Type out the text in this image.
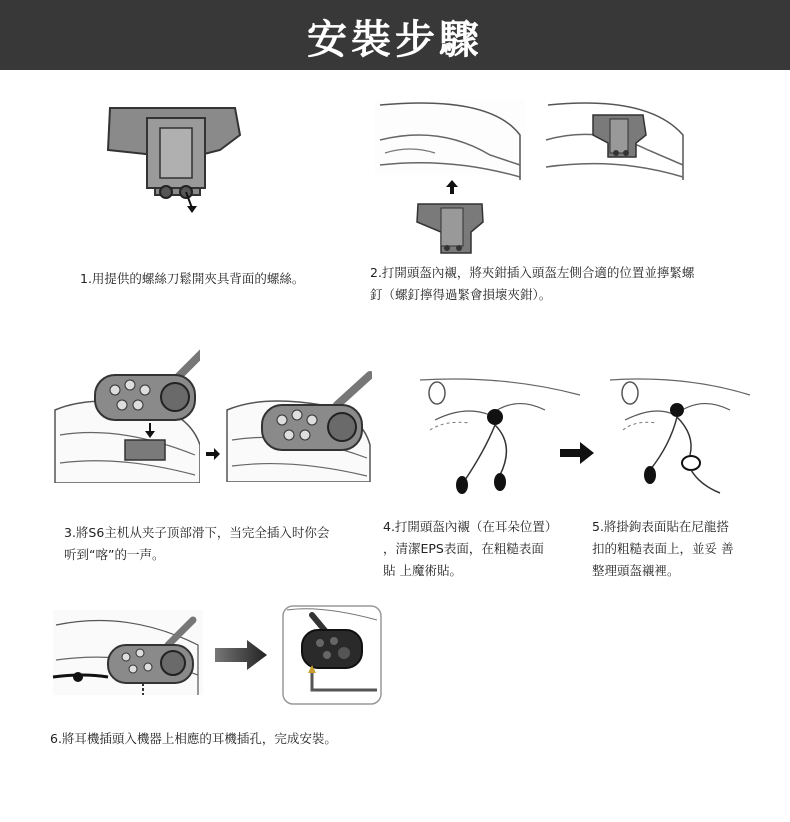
安裝步驟
1.用提供的螺絲刀鬆開夾具背面的螺絲。	2.打開頭盔內襯，將夾鉗插入頭盔左側合適的位置並擰緊螺
釘（螺釘擰得過緊會損壞夾鉗）。
3.將S6主机从夹子顶部滑下，当完全插入时你会
听到“喀”的一声。
4.打開頭盔內襯（在耳朵位置）
，清潔EPS表面，在粗糙表面
貼 上魔術貼。
5.將掛鉤表面貼在尼龍搭
扣的粗糙表面上，並妥 善
整理頭盔襯裡。
6.將耳機插頭入機器上相應的耳機插孔，完成安裝。
